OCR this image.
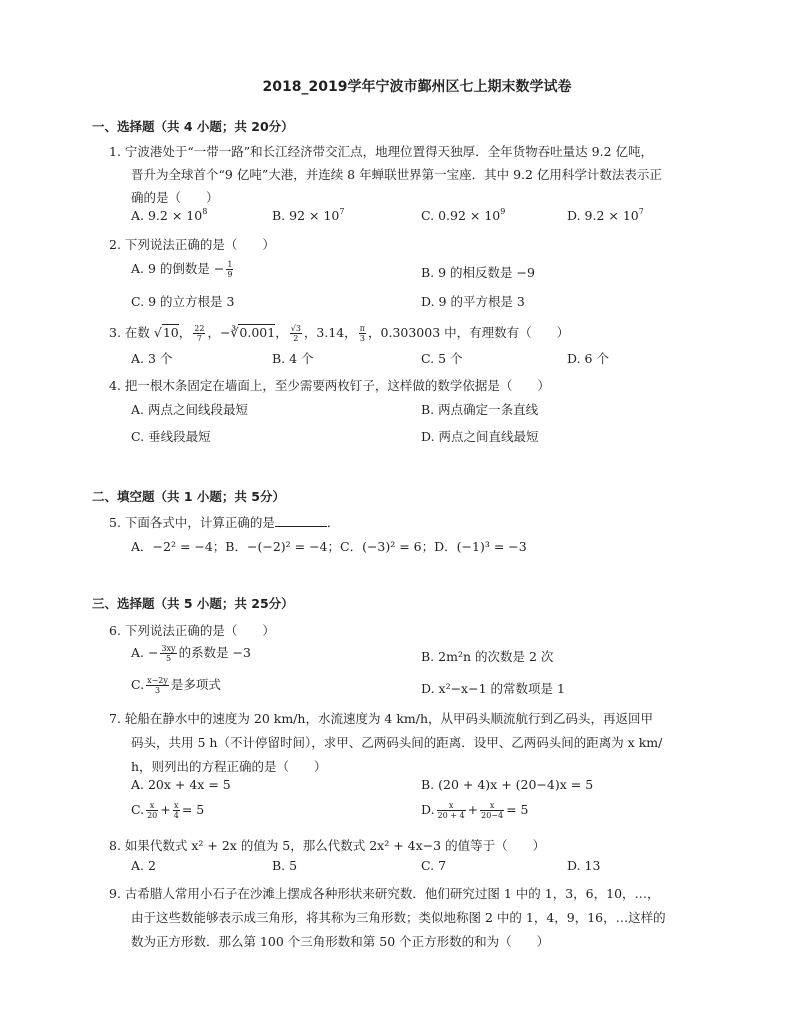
2018_2019学年宁波市鄞州区七上期末数学试卷
一、选择题（共 4 小题；共 20分）
1. 宁波港处于“一带一路”和长江经济带交汇点，地理位置得天独厚．全年货物吞吐量达 9.2 亿吨，
晋升为全球首个“9 亿吨”大港，并连续 8 年蝉联世界第一宝座．其中 9.2 亿用科学计数法表示正
确的是（　　）
A. $9.2 \times 10^8$	B. $92 \times 10^7$	C. $0.92 \times 10^9$	D. $9.2 \times 10^7$
2. 下列说法正确的是（　　）
A. 9 的倒数是 − $\frac{1}{9}$	B. 9 的相反数是 −9
C. 9 的立方根是 3	D. 9 的平方根是 3
3. 在数 √10， $\frac{22}{7}$ ，−∛0.001， $\frac{√3}{2}$ ，3.14， $\frac{\pi}{3}$ ，0.303003 中，有理数有（　　）
A. 3 个	B. 4 个	C. 5 个	D. 6 个
4. 把一根木条固定在墙面上，至少需要两枚钉子，这样做的数学依据是（　　）
A. 两点之间线段最短	B. 两点确定一条直线
C. 垂线段最短	D. 两点之间直线最短
二、填空题（共 1 小题；共 5分）
5. 下面各式中，计算正确的是	．
A．−2² = −4；B．−(−2)² = −4；C．(−3)² = 6；D．(−1)³ = −3
三、选择题（共 5 小题；共 25分）
6. 下列说法正确的是（　　）
A. − $\frac{3xy}{5}$ 的系数是 −3	B. 2m²n 的次数是 2 次
C. $\frac{x-2y}{3}$ 是多项式	D. x²−x−1 的常数项是 1
7. 轮船在静水中的速度为 20 km/h，水流速度为 4 km/h，从甲码头顺流航行到乙码头，再返回甲
码头，共用 5 h（不计停留时间），求甲、乙两码头间的距离．设甲、乙两码头间的距离为 x km/
h，则列出的方程正确的是（　　）
A. 20x + 4x = 5	B. (20 + 4)x + (20−4)x = 5
C. $\frac{x}{20} + \frac{x}{4} = 5$	D. $\frac{x}{20 + 4} + \frac{x}{20-4} = 5$
8. 如果代数式 x² + 2x 的值为 5，那么代数式 2x² + 4x−3 的值等于（　　）
A. 2	B. 5	C. 7	D. 13
9. 古希腊人常用小石子在沙滩上摆成各种形状来研究数．他们研究过图 1 中的 1，3，6，10，…，
由于这些数能够表示成三角形，将其称为三角形数；类似地称图 2 中的 1，4，9，16，…这样的
数为正方形数．那么第 100 个三角形数和第 50 个正方形数的和为（　　）
